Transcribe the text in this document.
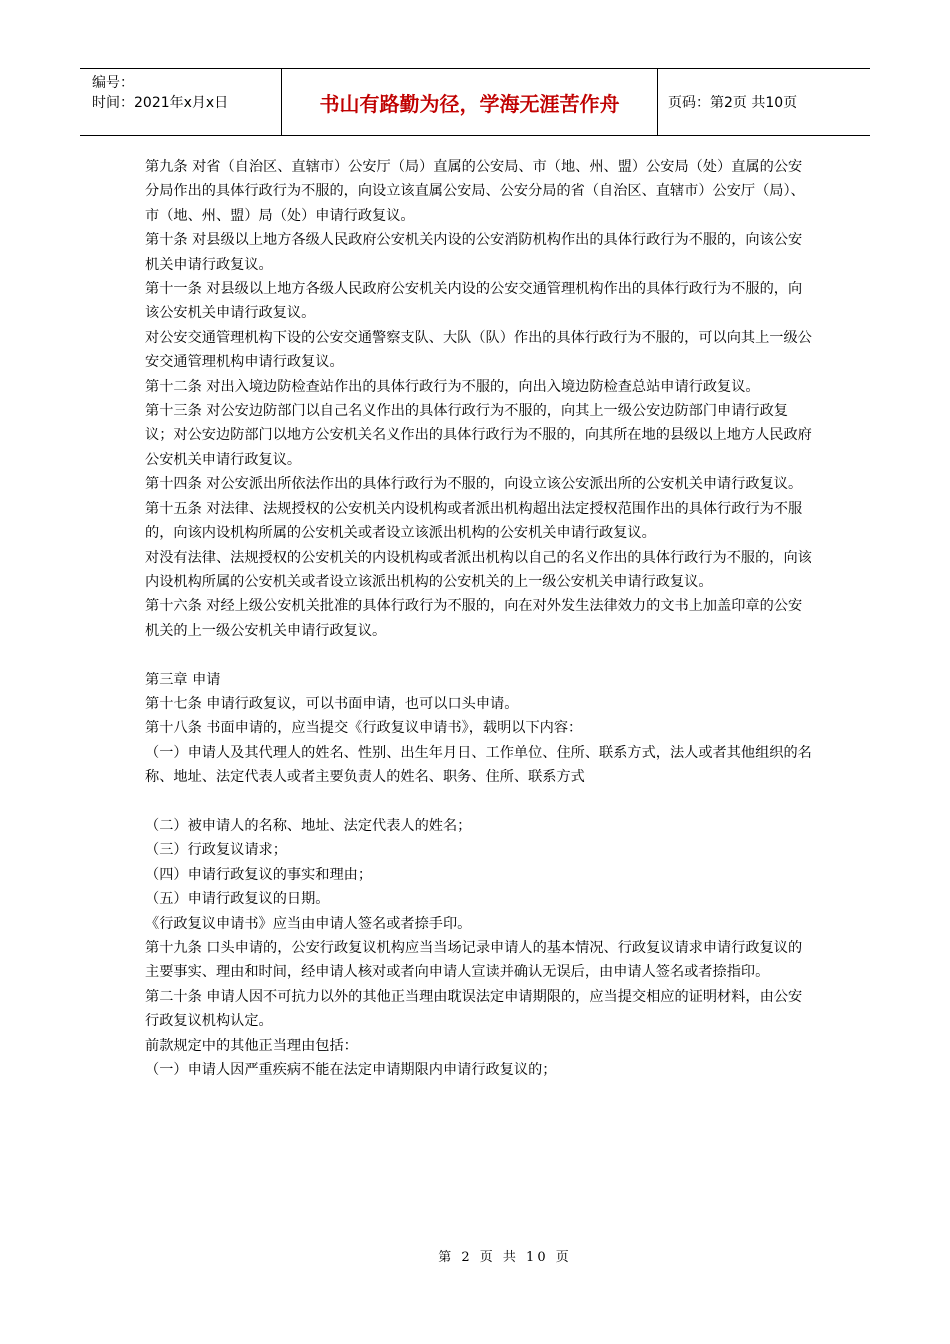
编号：
时间：2021年x月x日	书山有路勤为径，学海无涯苦作舟	页码：第2页 共10页

第九条 对省（自治区、直辖市）公安厅（局）直属的公安局、市（地、州、盟）公安局（处）直属的公安分局作出的具体行政行为不服的，向设立该直属公安局、公安分局的省（自治区、直辖市）公安厅（局）、市（地、州、盟）局（处）申请行政复议。

第十条 对县级以上地方各级人民政府公安机关内设的公安消防机构作出的具体行政行为不服的，向该公安机关申请行政复议。

第十一条 对县级以上地方各级人民政府公安机关内设的公安交通管理机构作出的具体行政行为不服的，向该公安机关申请行政复议。

对公安交通管理机构下设的公安交通警察支队、大队（队）作出的具体行政行为不服的，可以向其上一级公安交通管理机构申请行政复议。

第十二条 对出入境边防检查站作出的具体行政行为不服的，向出入境边防检查总站申请行政复议。

第十三条 对公安边防部门以自己名义作出的具体行政行为不服的，向其上一级公安边防部门申请行政复议；对公安边防部门以地方公安机关名义作出的具体行政行为不服的，向其所在地的县级以上地方人民政府公安机关申请行政复议。

第十四条 对公安派出所依法作出的具体行政行为不服的，向设立该公安派出所的公安机关申请行政复议。

第十五条 对法律、法规授权的公安机关内设机构或者派出机构超出法定授权范围作出的具体行政行为不服的，向该内设机构所属的公安机关或者设立该派出机构的公安机关申请行政复议。

对没有法律、法规授权的公安机关的内设机构或者派出机构以自己的名义作出的具体行政行为不服的，向该内设机构所属的公安机关或者设立该派出机构的公安机关的上一级公安机关申请行政复议。

第十六条 对经上级公安机关批准的具体行政行为不服的，向在对外发生法律效力的文书上加盖印章的公安机关的上一级公安机关申请行政复议。

第三章 申请

第十七条 申请行政复议，可以书面申请，也可以口头申请。

第十八条 书面申请的，应当提交《行政复议申请书》，载明以下内容：

（一）申请人及其代理人的姓名、性别、出生年月日、工作单位、住所、联系方式，法人或者其他组织的名称、地址、法定代表人或者主要负责人的姓名、职务、住所、联系方式

（二）被申请人的名称、地址、法定代表人的姓名；

（三）行政复议请求；

（四）申请行政复议的事实和理由；

（五）申请行政复议的日期。

《行政复议申请书》应当由申请人签名或者捺手印。

第十九条 口头申请的，公安行政复议机构应当当场记录申请人的基本情况、行政复议请求申请行政复议的主要事实、理由和时间，经申请人核对或者向申请人宣读并确认无误后，由申请人签名或者捺指印。

第二十条 申请人因不可抗力以外的其他正当理由耽误法定申请期限的，应当提交相应的证明材料，由公安行政复议机构认定。

前款规定中的其他正当理由包括：

（一）申请人因严重疾病不能在法定申请期限内申请行政复议的；

第 2 页 共 10 页
